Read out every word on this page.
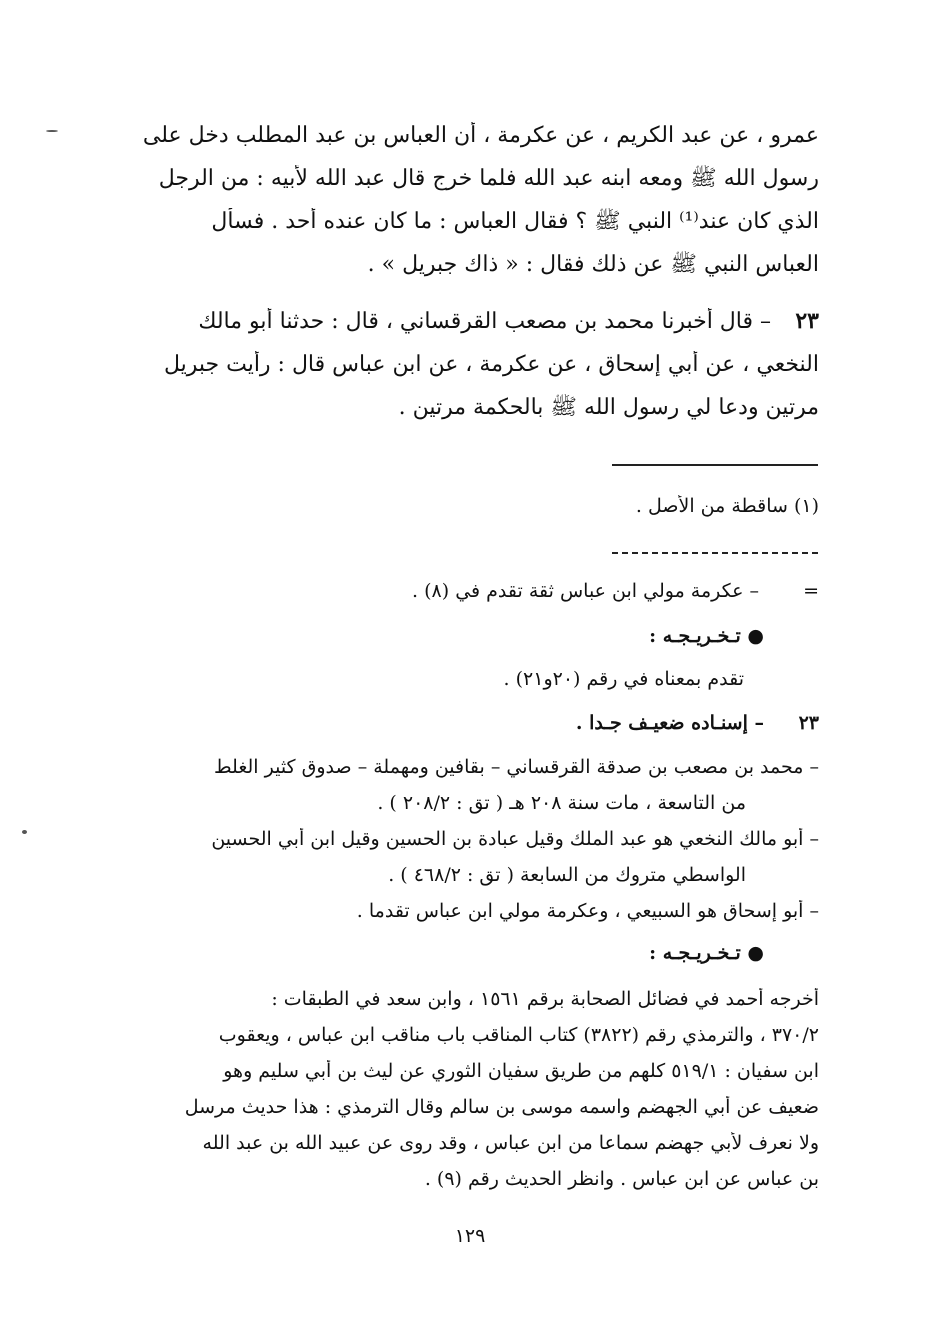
عمرو ، عن عبد الكريم ، عن عكرمة ، أن العباس بن عبد المطلب دخل على
رسول الله ﷺ ومعه ابنه عبد الله فلما خرج قال عبد الله لأبيه : من الرجل
الذي كان عند⁽¹⁾ النبي ﷺ ؟ فقال العباس : ما كان عنده أحد . فسأل
العباس النبي ﷺ عن ذلك فقال : « ذاك جبريل » .
٢٣
– قال أخبرنا محمد بن مصعب القرقساني ، قال : حدثنا أبو مالك
النخعي ، عن أبي إسحاق ، عن عكرمة ، عن ابن عباس قال : رأيت جبريل
مرتين ودعا لي رسول الله ﷺ بالحكمة مرتين .
(١) ساقطة من الأصل .
=
– عكرمة مولي ابن عباس ثقة تقدم في (٨) .
● تـخـريـجـه :
تقدم بمعناه في رقم (٢٠و٢١) .
٢٣
– إسنـاده ضعيـف جـدا .
– محمد بن مصعب بن صدقة القرقساني – بقافين ومهملة – صدوق كثير الغلط
من التاسعة ، مات سنة ٢٠٨ هـ ( تق : ٢٠٨/٢ ) .
– أبو مالك النخعي هو عبد الملك وقيل عبادة بن الحسين وقيل ابن أبي الحسين
الواسطي متروك من السابعة ( تق : ٤٦٨/٢ ) .
– أبو إسحاق هو السبيعي ، وعكرمة مولي ابن عباس تقدما .
● تـخـريـجـه :
أخرجه أحمد في فضائل الصحابة برقم ١٥٦١ ، وابن سعد في الطبقات :
٣٧٠/٢ ، والترمذي رقم (٣٨٢٢) كتاب المناقب باب مناقب ابن عباس ، ويعقوب
ابن سفيان : ٥١٩/١ كلهم من طريق سفيان الثوري عن ليث بن أبي سليم وهو
ضعيف عن أبي الجهضم واسمه موسى بن سالم وقال الترمذي : هذا حديث مرسل
ولا نعرف لأبي جهضم سماعا من ابن عباس ، وقد روى عن عبيد الله بن عبد الله
بن عباس عن ابن عباس . وانظر الحديث رقم (٩) .
١٢٩
